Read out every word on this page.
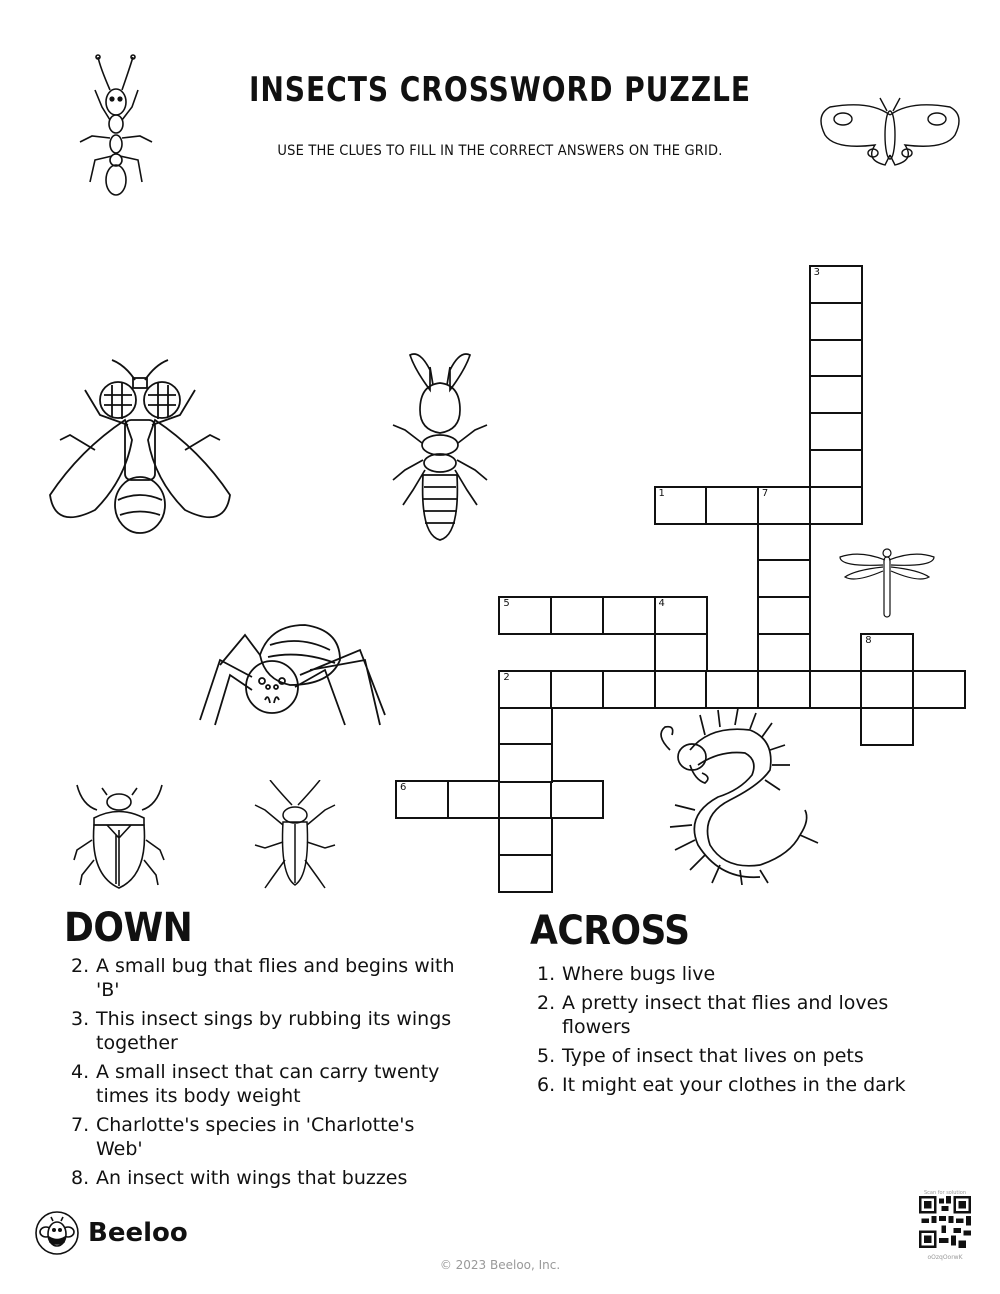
INSECTS CROSSWORD PUZZLE
USE THE CLUES TO FILL IN THE CORRECT ANSWERS ON THE GRID.
1	7
2
5	4
6
3
8
DOWN
2. A small bug that flies and begins with 'B'
3. This insect sings by rubbing its wings together
4. A small insect that can carry twenty times its body weight
7. Charlotte's species in 'Charlotte's Web'
8. An insect with wings that buzzes
ACROSS
1. Where bugs live
2. A pretty insect that flies and loves flowers
5. Type of insect that lives on pets
6. It might eat your clothes in the dark
Beeloo
© 2023 Beeloo, Inc.
Scan for solution
oOzqOorwK
